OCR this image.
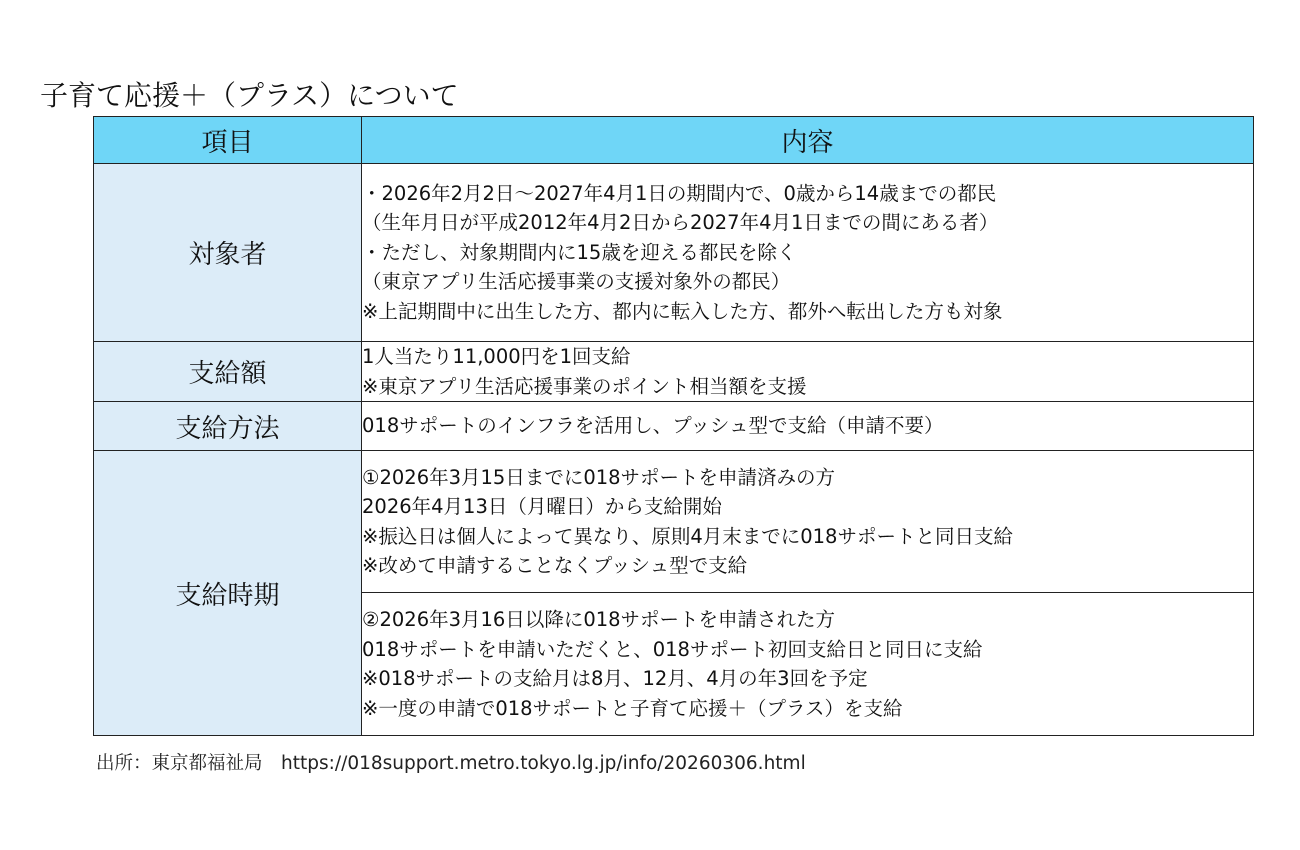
子育て応援＋（プラス）について
項目	内容
対象者	・2026年2月2日～2027年4月1日の期間内で、0歳から14歳までの都民
（生年月日が平成2012年4月2日から2027年4月1日までの間にある者）
・ただし、対象期間内に15歳を迎える都民を除く
（東京アプリ生活応援事業の支援対象外の都民）
※上記期間中に出生した方、都内に転入した方、都外へ転出した方も対象

支給額	1人当たり11,000円を1回支給
※東京アプリ生活応援事業のポイント相当額を支援

支給方法	018サポートのインフラを活用し、プッシュ型で支給（申請不要）

支給時期	①2026年3月15日までに018サポートを申請済みの方
2026年4月13日（月曜日）から支給開始
※振込日は個人によって異なり、原則4月末までに018サポートと同日支給
※改めて申請することなくプッシュ型で支給

	②2026年3月16日以降に018サポートを申請された方
018サポートを申請いただくと、018サポート初回支給日と同日に支給
※018サポートの支給月は8月、12月、4月の年3回を予定
※一度の申請で018サポートと子育て応援＋（プラス）を支給
出所：東京都福祉局　https://018support.metro.tokyo.lg.jp/info/20260306.html
